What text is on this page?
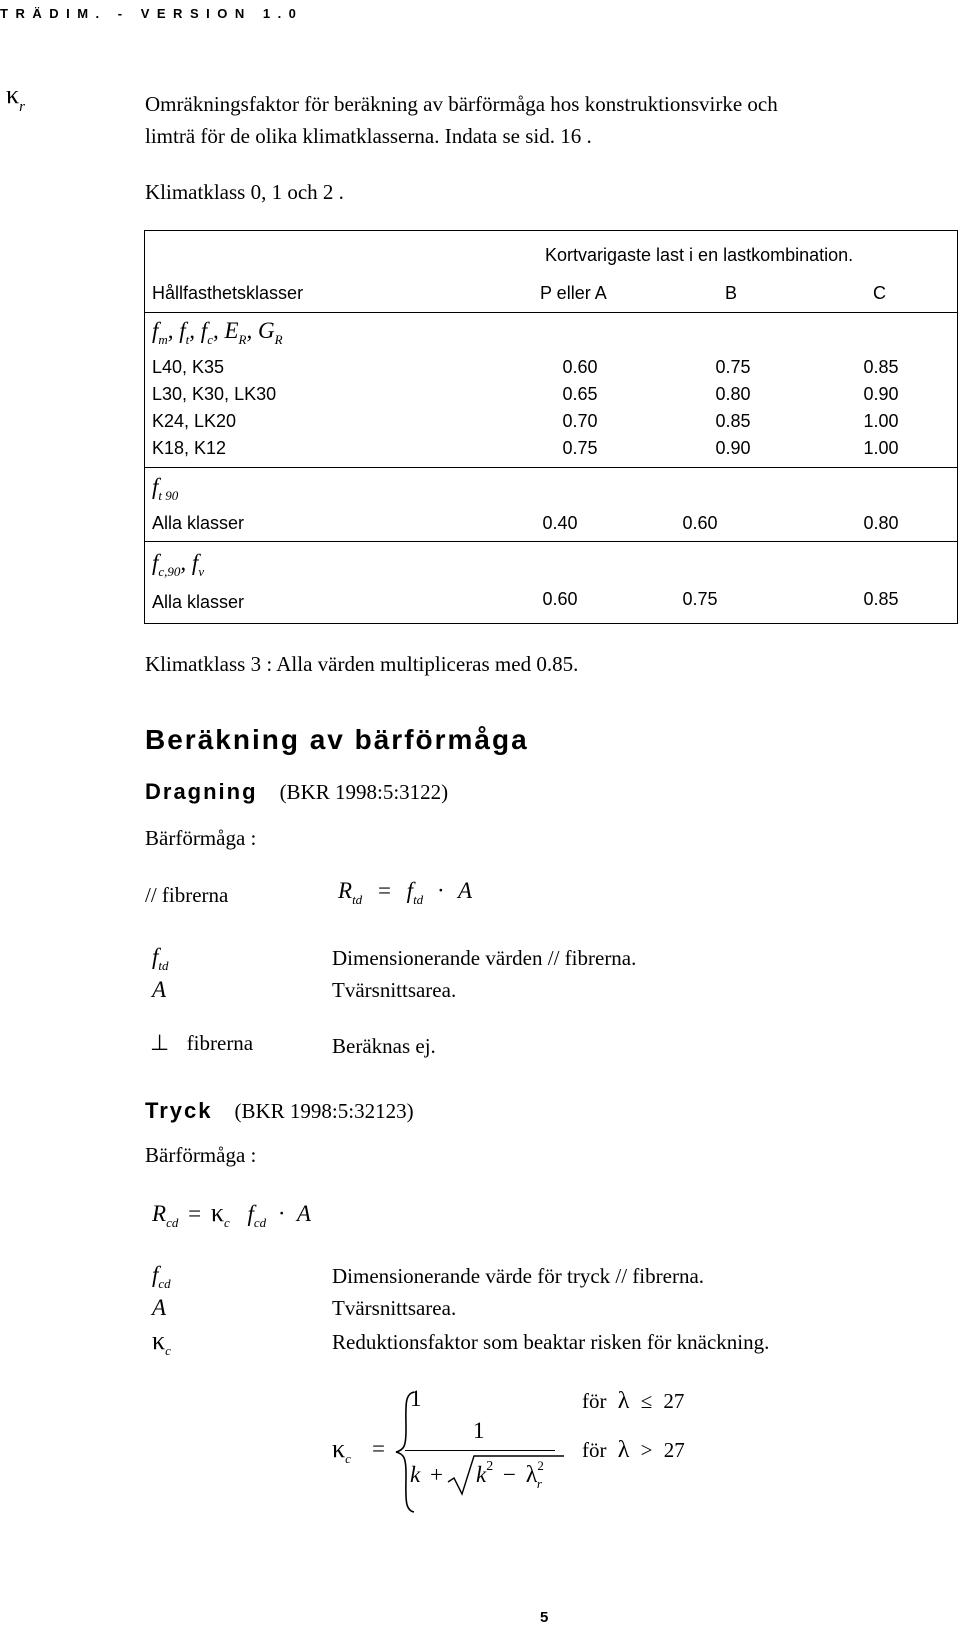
TRÄDIM. - VERSION 1.0
κr	Omräkningsfaktor för beräkning av bärförmåga hos konstruktionsvirke och
limträ för de olika klimatklasserna. Indata se sid. 16 .
Klimatklass 0, 1 och 2 .
Kortvarigaste last i en lastkombination.
Hållfasthetsklasser	P eller A	B	C
$f_m$, $f_t$, $f_c$, $E_R$, $G_R$
L40, K35	0.60	0.75	0.85
L30, K30, LK30	0.65	0.80	0.90
K24, LK20	0.70	0.85	1.00
K18, K12	0.75	0.90	1.00
$f_{t 90}$
Alla klasser	0.40	0.60	0.80
$f_{c,90}$, $f_v$
Alla klasser	0.60	0.75	0.85
Klimatklass 3 : Alla värden multipliceras med 0.85.
Beräkning av bärförmåga
Dragning (BKR 1998:5:3122)
Bärförmåga :
// fibrerna	$R_{td} = f_{td} \cdot A$
$f_{td}$	Dimensionerande värden // fibrerna.
A	Tvärsnittsarea.
⊥ fibrerna	Beräknas ej.
Tryck (BKR 1998:5:32123)
Bärförmåga :
$R_{cd} = \kappa_c$ $f_{cd} \cdot A$
$f_{cd}$	Dimensionerande värde för tryck // fibrerna.
A	Tvärsnittsarea.
$\kappa_c$	Reduktionsfaktor som beaktar risken för knäckning.
$\kappa_c$ =
1	för λ ≤ 27
1
$k + k^2 - \lambda^2_r$
för λ > 27
5
